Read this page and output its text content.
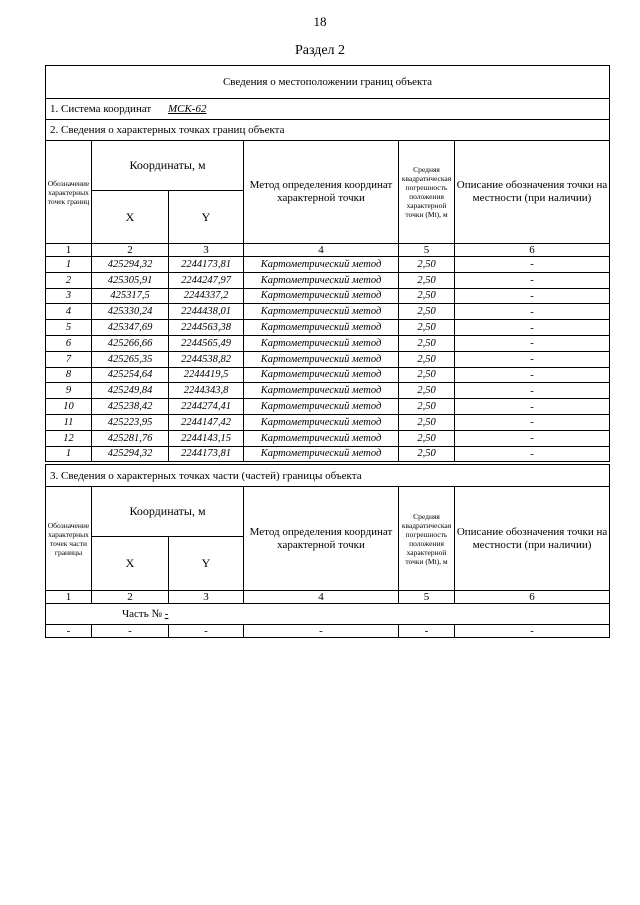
18
Раздел 2
Сведения о местоположении границ объекта					
1. Система координат МСК-62					
2. Сведения о характерных точках границ объекта					
Обозначение характерных точек границ	Координаты, м		Метод определения координат характерной точки	Средняя квадратическая погрешность положения характерной точки (Mt), м	Описание обозначения точки на местности (при наличии)
	X	Y			
1	2	3	4	5	6
1	425294,32	2244173,81	Картометрический метод	2,50	-
2	425305,91	2244247,97	Картометрический метод	2,50	-
3	425317,5	2244337,2	Картометрический метод	2,50	-
4	425330,24	2244438,01	Картометрический метод	2,50	-
5	425347,69	2244563,38	Картометрический метод	2,50	-
6	425266,66	2244565,49	Картометрический метод	2,50	-
7	425265,35	2244538,82	Картометрический метод	2,50	-
8	425254,64	2244419,5	Картометрический метод	2,50	-
9	425249,84	2244343,8	Картометрический метод	2,50	-
10	425238,42	2244274,41	Картометрический метод	2,50	-
11	425223,95	2244147,42	Картометрический метод	2,50	-
12	425281,76	2244143,15	Картометрический метод	2,50	-
1	425294,32	2244173,81	Картометрический метод	2,50	-
3. Сведения о характерных точках части (частей) границы объекта					
Обозначение характерных точек части границы	Координаты, м		Метод определения координат характерной точки	Средняя квадратическая погрешность положения характерной точки (Mt), м	Описание обозначения точки на местности (при наличии)
	X	Y			
1	2	3	4	5	6
Часть № -					
-	-	-	-	-	-
